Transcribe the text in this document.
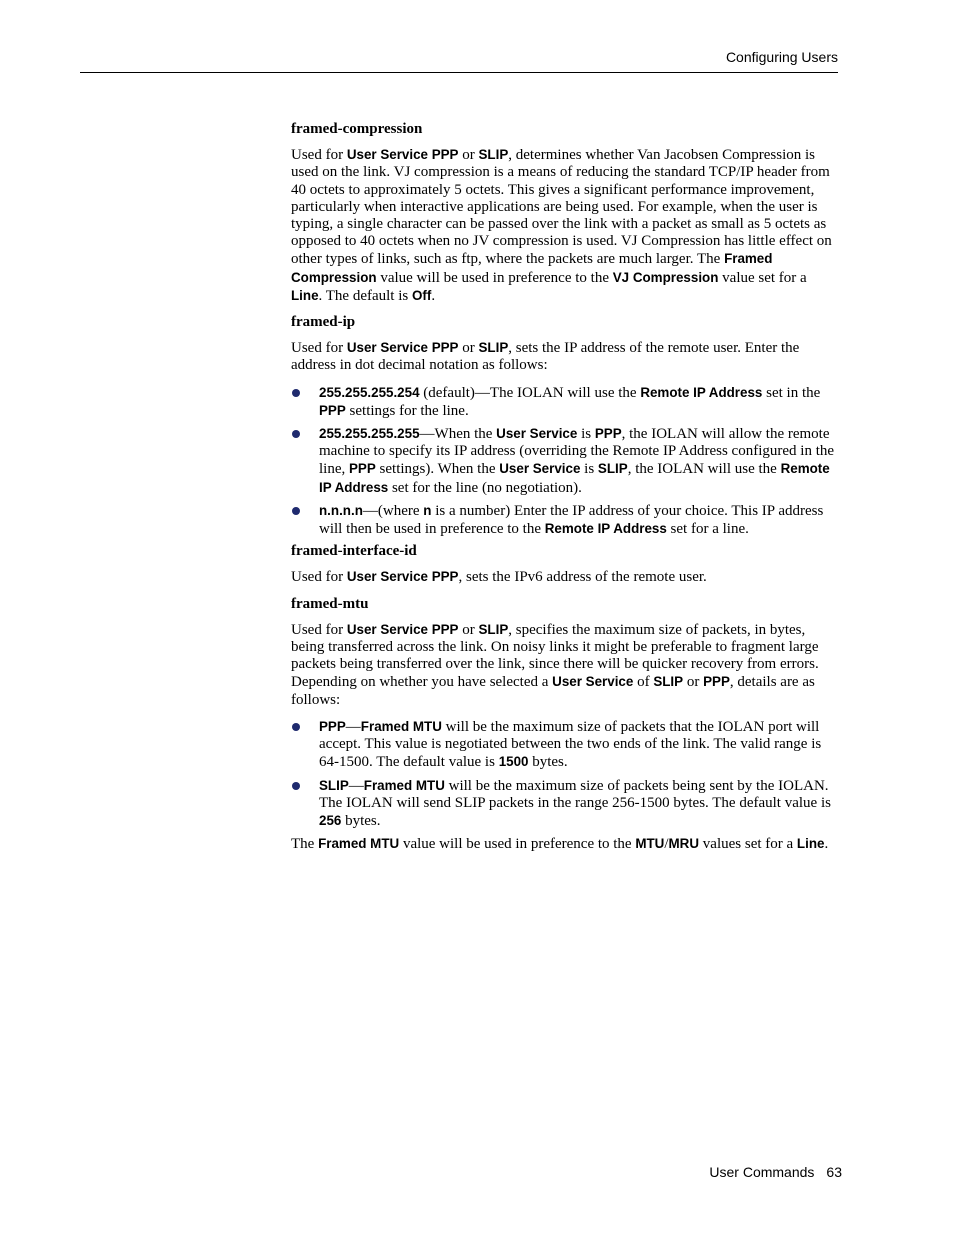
Configuring Users
framed-compression

Used for User Service PPP or SLIP, determines whether Van Jacobsen Compression is used on the link. VJ compression is a means of reducing the standard TCP/IP header from 40 octets to approximately 5 octets. This gives a significant performance improvement, particularly when interactive applications are being used. For example, when the user is typing, a single character can be passed over the link with a packet as small as 5 octets as opposed to 40 octets when no JV compression is used. VJ Compression has little effect on other types of links, such as ftp, where the packets are much larger. The Framed Compression value will be used in preference to the VJ Compression value set for a Line. The default is Off.

framed-ip

Used for User Service PPP or SLIP, sets the IP address of the remote user. Enter the address in dot decimal notation as follows:

255.255.255.254 (default)—The IOLAN will use the Remote IP Address set in the PPP settings for the line.
255.255.255.255—When the User Service is PPP, the IOLAN will allow the remote machine to specify its IP address (overriding the Remote IP Address configured in the line, PPP settings). When the User Service is SLIP, the IOLAN will use the Remote IP Address set for the line (no negotiation).
n.n.n.n—(where n is a number) Enter the IP address of your choice. This IP address will then be used in preference to the Remote IP Address set for a line.
framed-interface-id

Used for User Service PPP, sets the IPv6 address of the remote user.

framed-mtu

Used for User Service PPP or SLIP, specifies the maximum size of packets, in bytes, being transferred across the link. On noisy links it might be preferable to fragment large packets being transferred over the link, since there will be quicker recovery from errors. Depending on whether you have selected a User Service of SLIP or PPP, details are as follows:

PPP—Framed MTU will be the maximum size of packets that the IOLAN port will accept. This value is negotiated between the two ends of the link. The valid range is 64-1500. The default value is 1500 bytes.
SLIP—Framed MTU will be the maximum size of packets being sent by the IOLAN. The IOLAN will send SLIP packets in the range 256-1500 bytes. The default value is 256 bytes.

The Framed MTU value will be used in preference to the MTU/MRU values set for a Line.

User Commands 63
